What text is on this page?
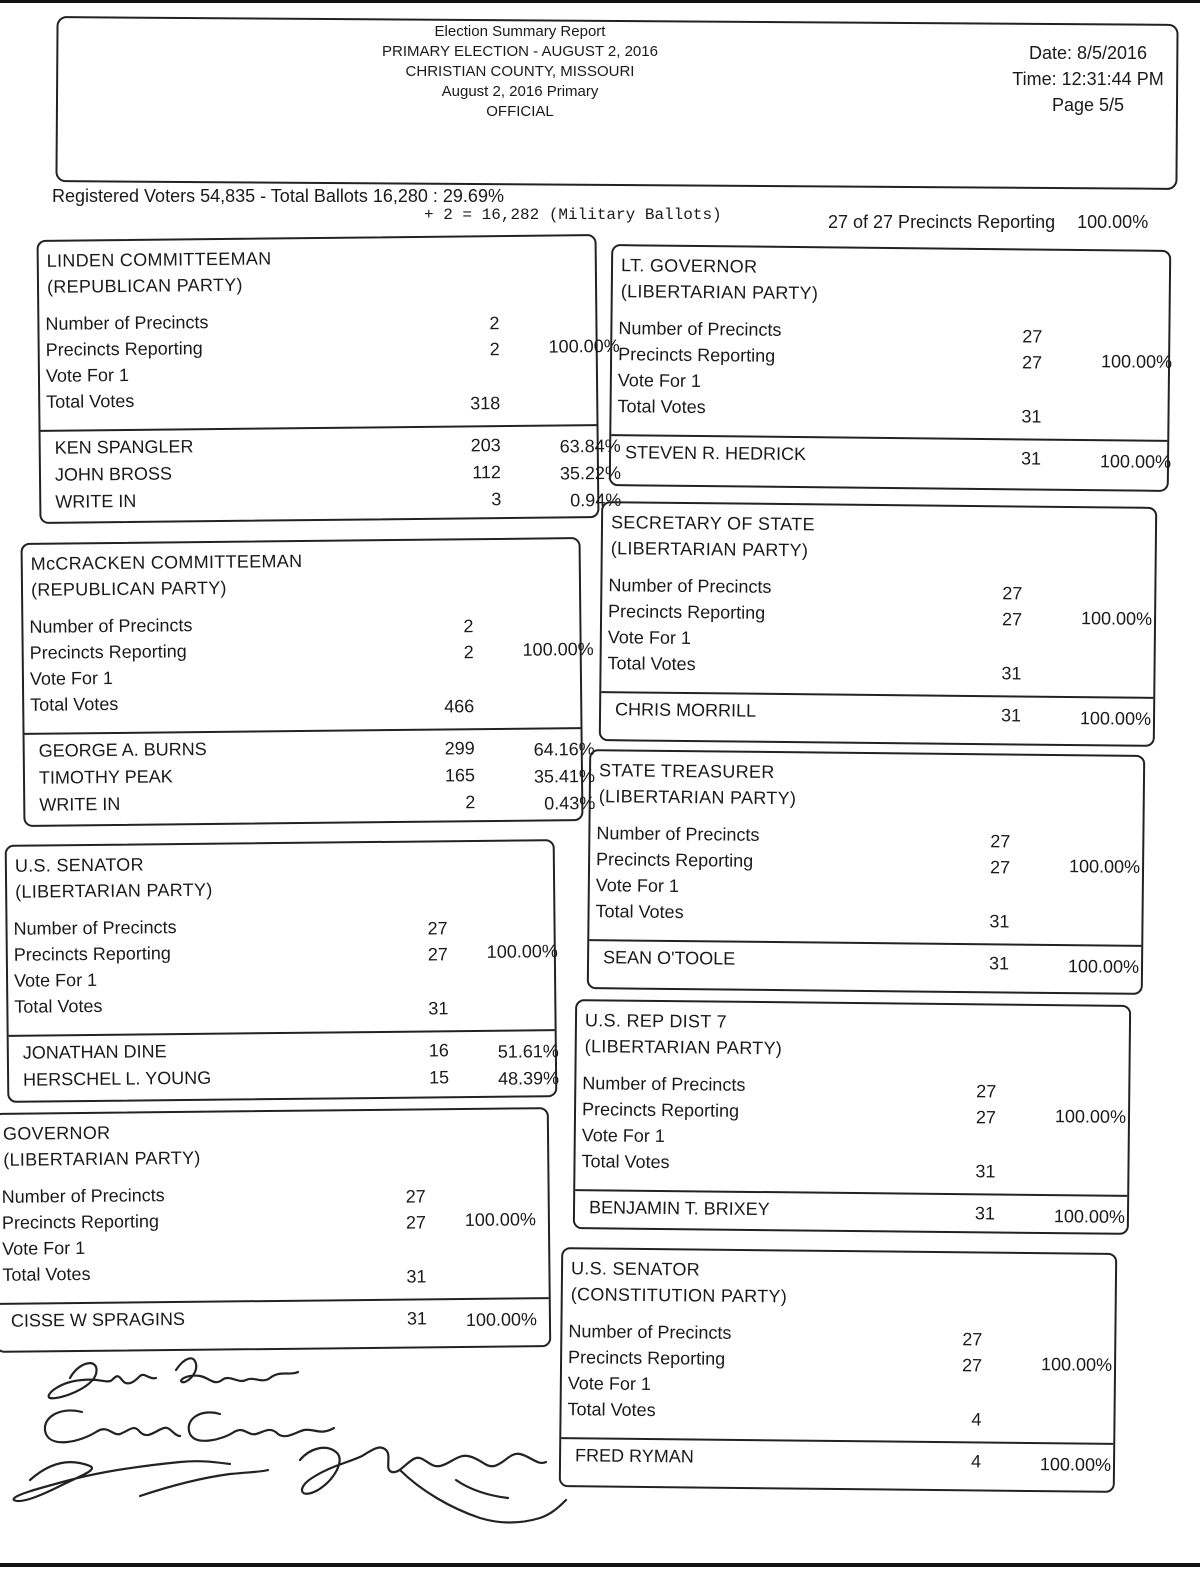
Election Summary Report
PRIMARY ELECTION - AUGUST 2, 2016
CHRISTIAN COUNTY, MISSOURI
August 2, 2016 Primary
OFFICIAL
Date: 8/5/2016
Time: 12:31:44 PM
Page 5/5
Registered Voters 54,835 - Total Ballots 16,280 : 29.69%
+ 2 = 16,282 (Military Ballots)	27 of 27 Precincts Reporting 100.00%
LINDEN COMMITTEEMAN
(REPUBLICAN PARTY)
Number of Precincts	2
Precincts Reporting	2	100.00%
Vote For 1
Total Votes	318
KEN SPANGLER	203	63.84%
JOHN BROSS	112	35.22%
WRITE IN	3	0.94%
McCRACKEN COMMITTEEMAN
(REPUBLICAN PARTY)
Number of Precincts	2
Precincts Reporting	2	100.00%
Vote For 1
Total Votes	466
GEORGE A. BURNS	299	64.16%
TIMOTHY PEAK	165	35.41%
WRITE IN	2	0.43%
U.S. SENATOR
(LIBERTARIAN PARTY)
Number of Precincts	27
Precincts Reporting	27	100.00%
Vote For 1
Total Votes	31
JONATHAN DINE	16	51.61%
HERSCHEL L. YOUNG	15	48.39%
GOVERNOR
(LIBERTARIAN PARTY)
Number of Precincts	27
Precincts Reporting	27	100.00%
Vote For 1
Total Votes	31
CISSE W SPRAGINS	31	100.00%
LT. GOVERNOR
(LIBERTARIAN PARTY)
Number of Precincts	27
Precincts Reporting	27	100.00%
Vote For 1
Total Votes	31
STEVEN R. HEDRICK	31	100.00%
SECRETARY OF STATE
(LIBERTARIAN PARTY)
Number of Precincts	27
Precincts Reporting	27	100.00%
Vote For 1
Total Votes	31
CHRIS MORRILL	31	100.00%
STATE TREASURER
(LIBERTARIAN PARTY)
Number of Precincts	27
Precincts Reporting	27	100.00%
Vote For 1
Total Votes	31
SEAN O'TOOLE	31	100.00%
U.S. REP DIST 7
(LIBERTARIAN PARTY)
Number of Precincts	27
Precincts Reporting	27	100.00%
Vote For 1
Total Votes	31
BENJAMIN T. BRIXEY	31	100.00%
U.S. SENATOR
(CONSTITUTION PARTY)
Number of Precincts	27
Precincts Reporting	27	100.00%
Vote For 1
Total Votes	4
FRED RYMAN	4	100.00%
